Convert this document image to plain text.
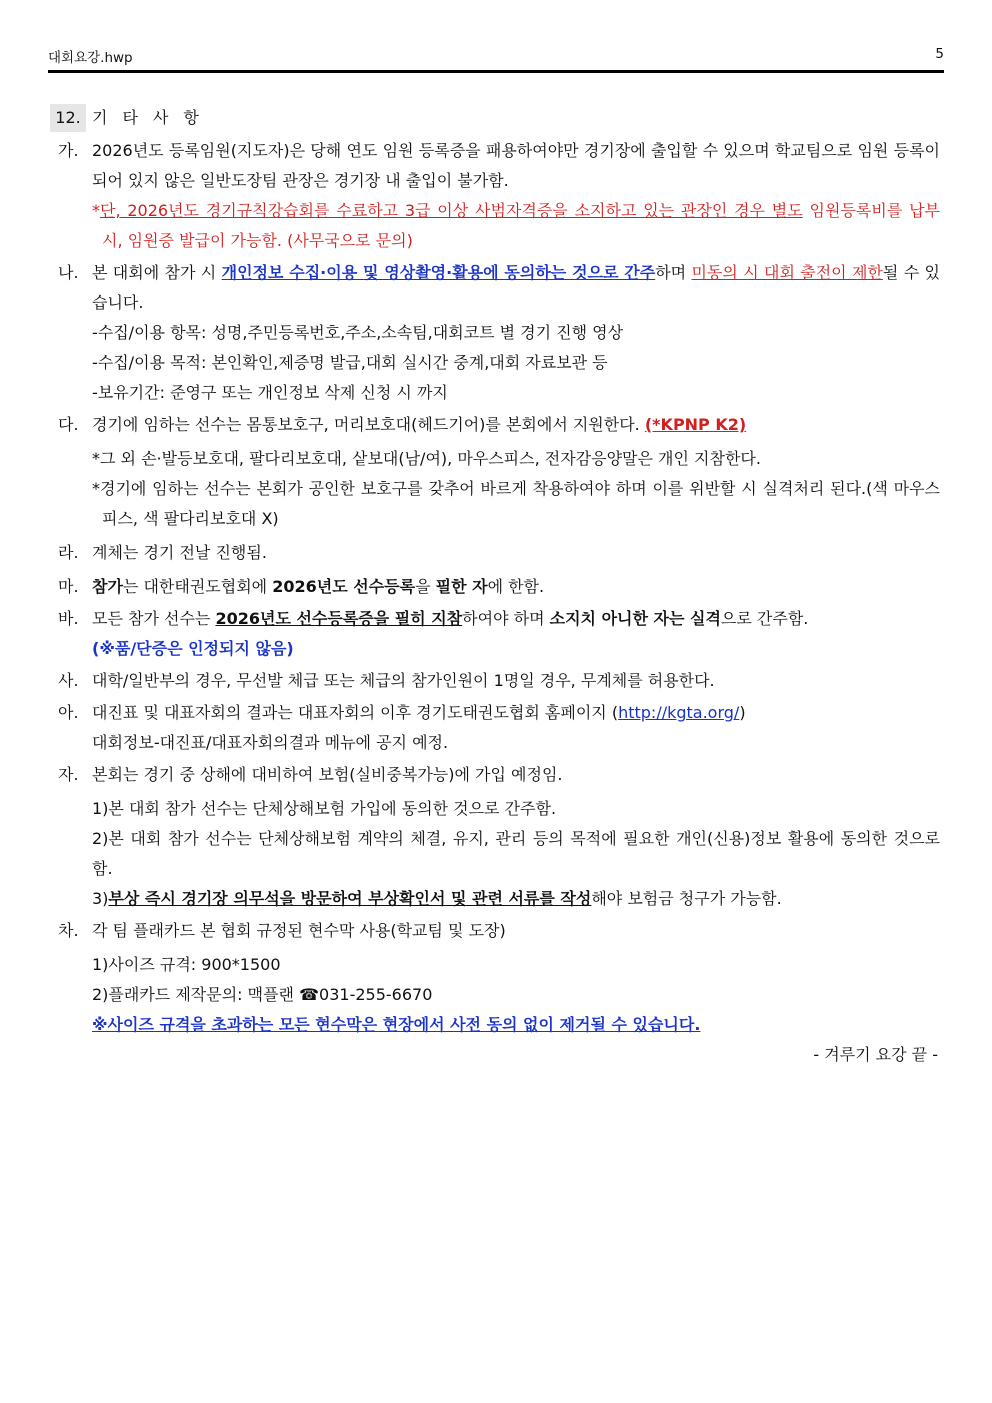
대회요강.hwp	5
12. 기타사항
가. 2026년도 등록임원(지도자)은 당해 연도 임원 등록증을 패용하여야만 경기장에 출입할 수 있으며 학교팀으로 임원 등록이 되어 있지 않은 일반도장팀 관장은 경기장 내 출입이 불가함.
*단, 2026년도 경기규칙강습회를 수료하고 3급 이상 사범자격증을 소지하고 있는 관장인 경우 별도 임원등록비를 납부 시, 임원증 발급이 가능함. (사무국으로 문의)
나. 본 대회에 참가 시 개인정보 수집·이용 및 영상촬영·활용에 동의하는 것으로 간주하며 미동의 시 대회 출전이 제한될 수 있습니다.
-수집/이용 항목: 성명,주민등록번호,주소,소속팀,대회코트 별 경기 진행 영상
-수집/이용 목적: 본인확인,제증명 발급,대회 실시간 중계,대회 자료보관 등
-보유기간: 준영구 또는 개인정보 삭제 신청 시 까지
다. 경기에 임하는 선수는 몸통보호구, 머리보호대(헤드기어)를 본회에서 지원한다. (*KPNP K2)
*그 외 손·발등보호대, 팔다리보호대, 샅보대(남/여), 마우스피스, 전자감응양말은 개인 지참한다.
*경기에 임하는 선수는 본회가 공인한 보호구를 갖추어 바르게 착용하여야 하며 이를 위반할 시 실격처리 된다.(색 마우스피스, 색 팔다리보호대 X)
라. 계체는 경기 전날 진행됨.
마. 참가는 대한태권도협회에 2026년도 선수등록을 필한 자에 한함.
바. 모든 참가 선수는 2026년도 선수등록증을 필히 지참하여야 하며 소지치 아니한 자는 실격으로 간주함.
(※품/단증은 인정되지 않음)
사. 대학/일반부의 경우, 무선발 체급 또는 체급의 참가인원이 1명일 경우, 무계체를 허용한다.
아. 대진표 및 대표자회의 결과는 대표자회의 이후 경기도태권도협회 홈페이지 (http://kgta.org/)
대회정보-대진표/대표자회의결과 메뉴에 공지 예정.
자. 본회는 경기 중 상해에 대비하여 보험(실비중복가능)에 가입 예정임.
1)본 대회 참가 선수는 단체상해보험 가입에 동의한 것으로 간주함.
2)본 대회 참가 선수는 단체상해보험 계약의 체결, 유지, 관리 등의 목적에 필요한 개인(신용)정보 활용에 동의한 것으로 함.
3)부상 즉시 경기장 의무석을 방문하여 부상확인서 및 관련 서류를 작성해야 보험금 청구가 가능함.
차. 각 팀 플래카드 본 협회 규정된 현수막 사용(학교팀 및 도장)
1)사이즈 규격: 900*1500
2)플래카드 제작문의: 맥플랜 ☎031-255-6670
※사이즈 규격을 초과하는 모든 현수막은 현장에서 사전 동의 없이 제거될 수 있습니다.
- 겨루기 요강 끝 -
